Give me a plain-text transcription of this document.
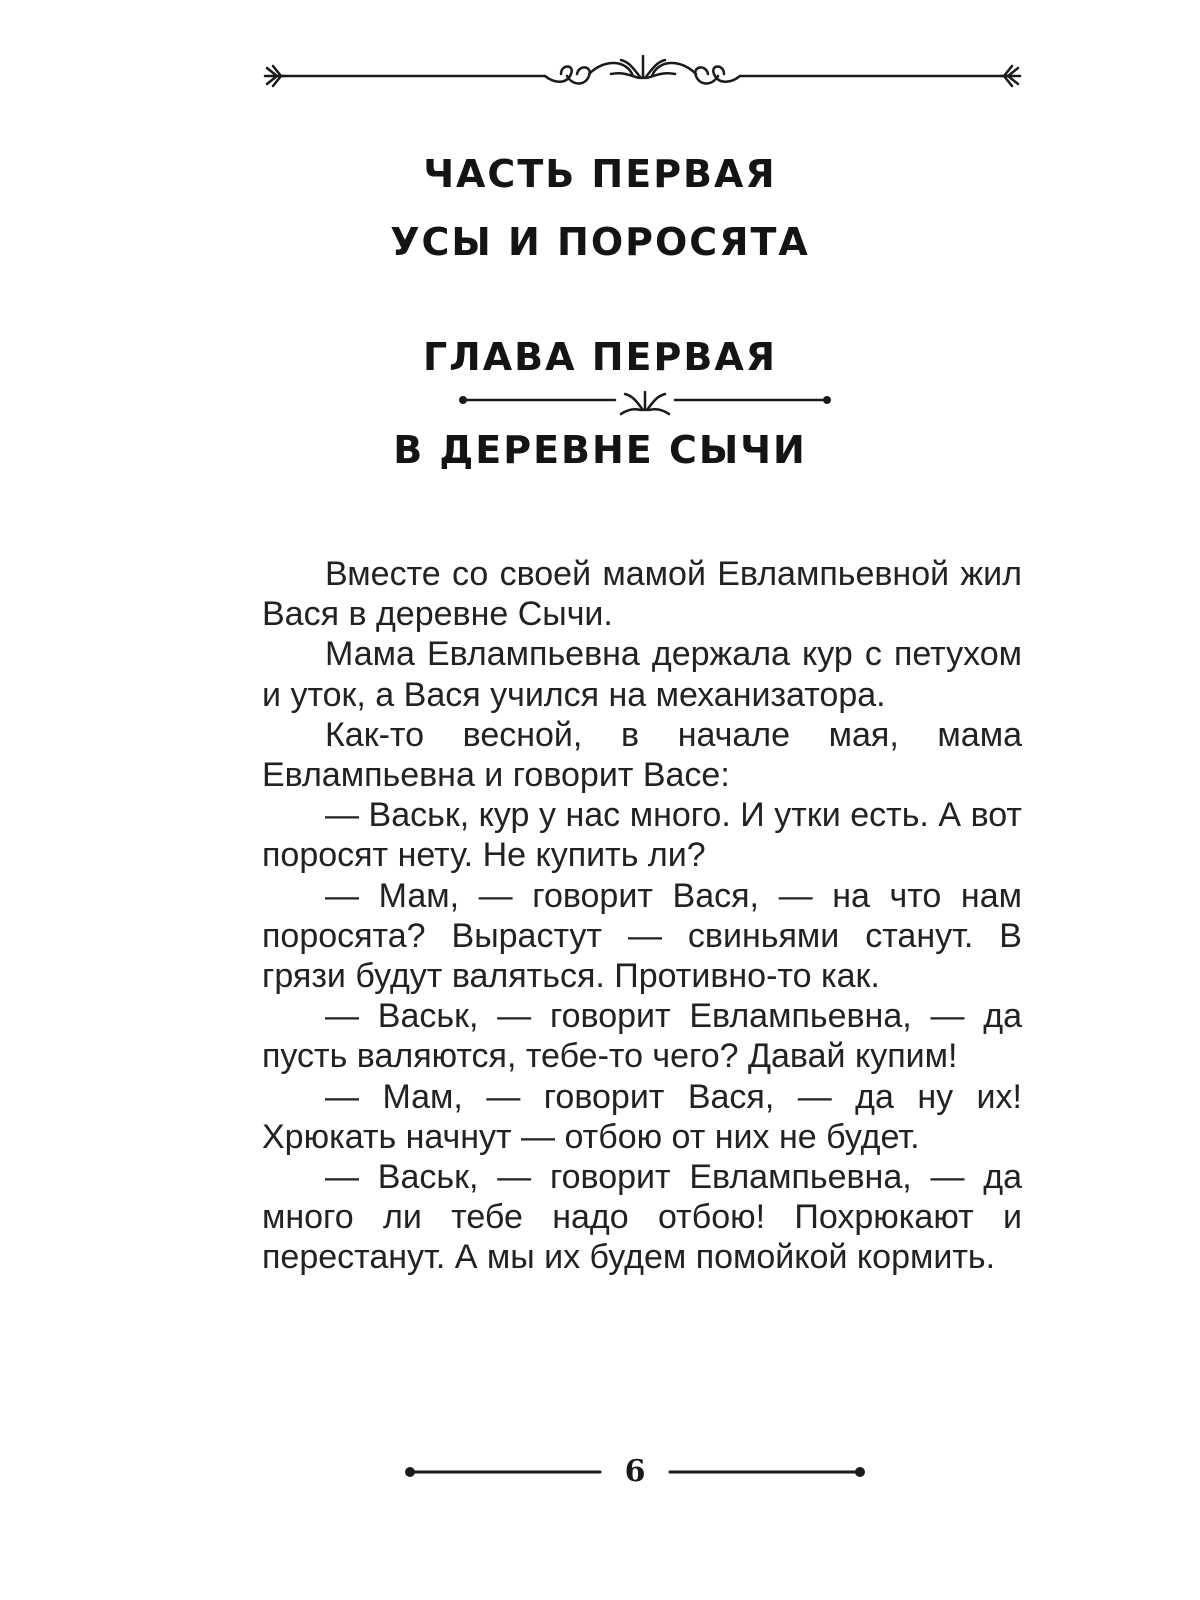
ЧАСТЬ ПЕРВАЯ
УСЫ И ПОРОСЯТА
ГЛАВА ПЕРВАЯ
В ДЕРЕВНЕ СЫЧИ

Вместе со своей мамой Евлампьевной жил Вася в деревне Сычи.

Мама Евлампьевна держала кур с петухом и уток, а Вася учился на механизатора.

Как-то весной, в начале мая, мама Евлампьевна и говорит Васе:

— Васьк, кур у нас много. И утки есть. А вот поросят нету. Не купить ли?

— Мам, — говорит Вася, — на что нам поросята? Вырастут — свиньями станут. В грязи будут валяться. Противно-то как.

— Васьк, — говорит Евлампьевна, — да пусть валяются, тебе-то чего? Давай купим!

— Мам, — говорит Вася, — да ну их! Хрюкать начнут — отбою от них не будет.

— Васьк, — говорит Евлампьевна, — да много ли тебе надо отбою! Похрюкают и перестанут. А мы их будем помойкой кормить.

6
